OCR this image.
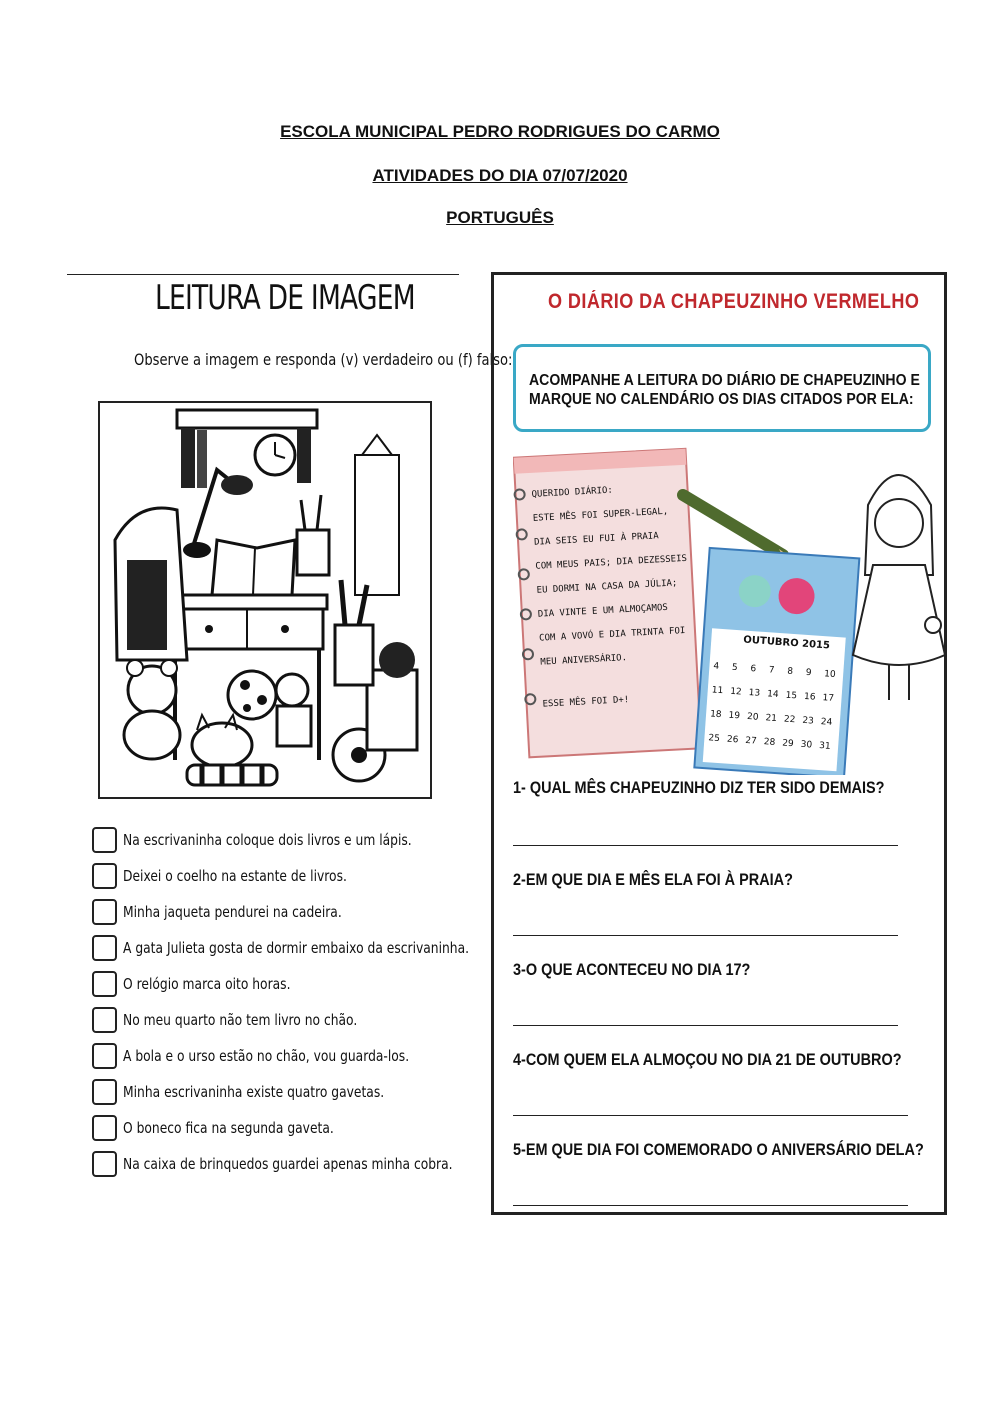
ESCOLA MUNICIPAL PEDRO RODRIGUES DO CARMO
ATIVIDADES DO DIA 07/07/2020
PORTUGUÊS
LEITURA DE IMAGEM
Observe a imagem e responda (v) verdadeiro ou (f) falso:
Na escrivaninha coloque dois livros e um lápis.
Deixei o coelho na estante de livros.
Minha jaqueta pendurei na cadeira.
A gata Julieta gosta de dormir embaixo da escrivaninha.
O relógio marca oito horas.
No meu quarto não tem livro no chão.
A bola e o urso estão no chão, vou guarda-los.
Minha escrivaninha existe quatro gavetas.
O boneco fica na segunda gaveta.
Na caixa de brinquedos guardei apenas minha cobra.
O DIÁRIO DA CHAPEUZINHO VERMELHO
ACOMPANHE A LEITURA DO DIÁRIO DE CHAPEUZINHO E
MARQUE NO CALENDÁRIO OS DIAS CITADOS POR ELA:
QUERIDO DIÁRIO:
ESTE MÊS FOI SUPER-LEGAL,
DIA SEIS EU FUI À PRAIA
COM MEUS PAIS; DIA DEZESSEIS
EU DORMI NA CASA DA JÚLIA;
DIA VINTE E UM ALMOÇAMOS
COM A VOVÓ E DIA TRINTA FOI
MEU ANIVERSÁRIO.
ESSE MÊS FOI D+!
OUTUBRO 2015
4 5 6 7 8 9 10
11 12 13 14 15 16 17
18 19 20 21 22 23 24
25 26 27 28 29 30 31
1- QUAL MÊS CHAPEUZINHO DIZ TER SIDO DEMAIS?
2-EM QUE DIA E MÊS ELA FOI À PRAIA?
3-O QUE ACONTECEU NO DIA 17?
4-COM QUEM ELA ALMOÇOU NO DIA 21 DE OUTUBRO?
5-EM QUE DIA FOI COMEMORADO O ANIVERSÁRIO DELA?
